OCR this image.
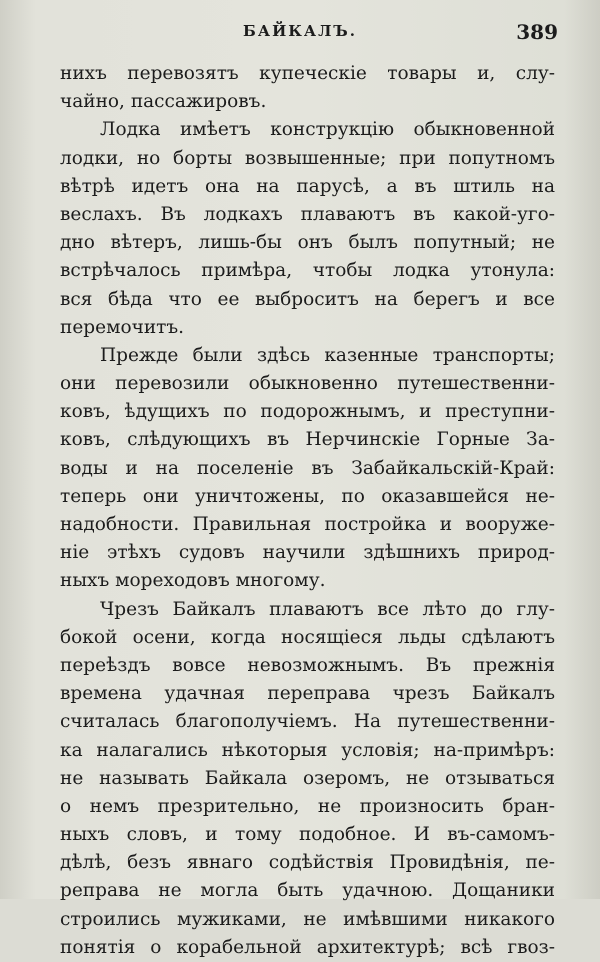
БАЙКАЛЪ.	389
нихъ перевозятъ купеческіе товары и, слу-
чайно, пассажировъ.
Лодка имѣетъ конструкцію обыкновенной
лодки, но борты возвышенные; при попутномъ
вѣтрѣ идетъ она на парусѣ, а въ штиль на
веслахъ. Въ лодкахъ плаваютъ въ какой-уго-
дно вѣтеръ, лишь-бы онъ былъ попутный; не
встрѣчалось примѣра, чтобы лодка утонула:
вся бѣда что ее выброситъ на берегъ и все
перемочитъ.
Прежде были здѣсь казенные транспорты;
они перевозили обыкновенно путешественни-
ковъ, ѣдущихъ по подорожнымъ, и преступни-
ковъ, слѣдующихъ въ Нерчинскіе Горные За-
воды и на поселеніе въ Забайкальскій-Край:
теперь они уничтожены, по оказавшейся не-
надобности. Правильная постройка и вооруже-
ніе этѣхъ судовъ научили здѣшнихъ природ-
ныхъ мореходовъ многому.
Чрезъ Байкалъ плаваютъ все лѣто до глу-
бокой осени, когда носящіеся льды сдѣлаютъ
переѣздъ вовсе невозможнымъ. Въ прежнія
времена удачная переправа чрезъ Байкалъ
считалась благополучіемъ. На путешественни-
ка налагались нѣкоторыя условія; на-примѣръ:
не называть Байкала озеромъ, не отзываться
о немъ презрительно, не произносить бран-
ныхъ словъ, и тому подобное. И въ-самомъ-
дѣлѣ, безъ явнаго содѣйствія Провидѣнія, пе-
реправа не могла быть удачною. Дощаники
строились мужиками, не имѣвшими никакого
понятія о корабельной архитектурѣ; всѣ гвоз-
